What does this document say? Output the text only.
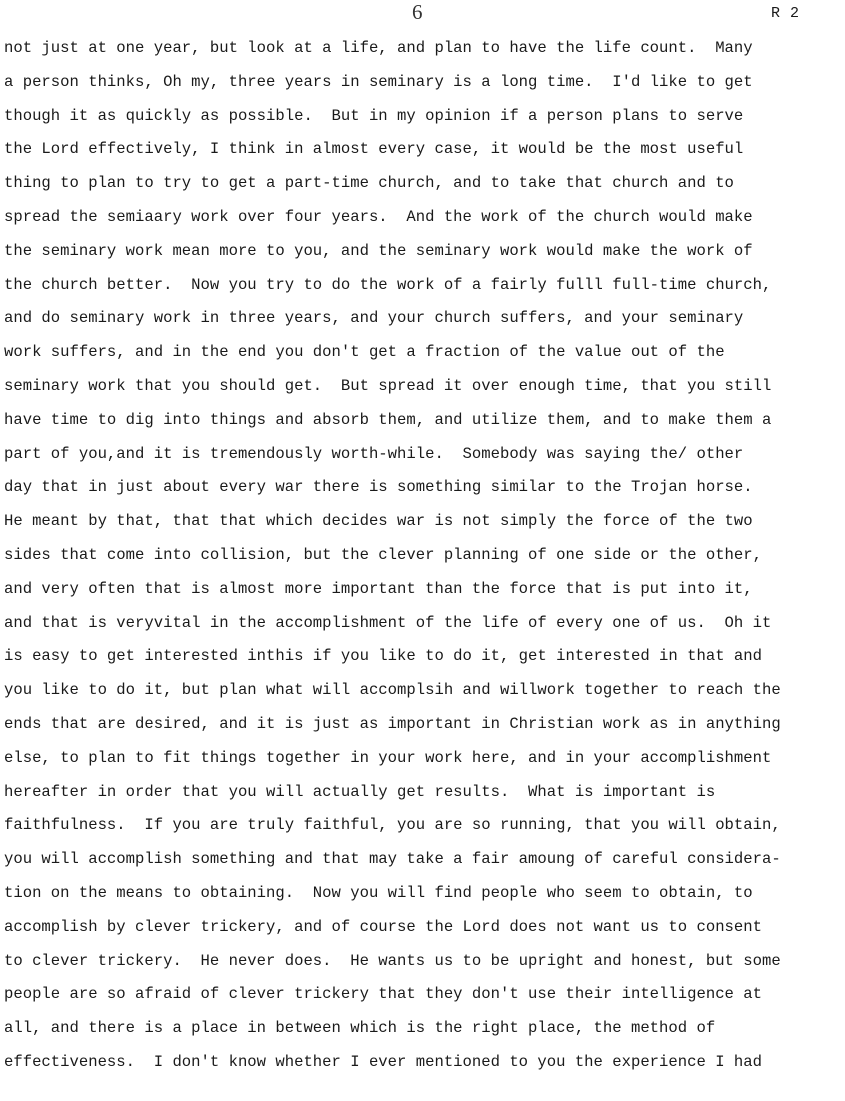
6	R 2
not just at one year, but look at a life, and plan to have the life count.  Many
a person thinks, Oh my, three years in seminary is a long time.  I'd like to get
though it as quickly as possible.  But in my opinion if a person plans to serve
the Lord effectively, I think in almost every case, it would be the most useful
thing to plan to try to get a part-time church, and to take that church and to
spread the semiaary work over four years.  And the work of the church would make
the seminary work mean more to you, and the seminary work would make the work of
the church better.  Now you try to do the work of a fairly fulll full-time church,
and do seminary work in three years, and your church suffers, and your seminary
work suffers, and in the end you don't get a fraction of the value out of the
seminary work that you should get.  But spread it over enough time, that you still
have time to dig into things and absorb them, and utilize them, and to make them a
part of you,and it is tremendously worth-while.  Somebody was saying the/ other
day that in just about every war there is something similar to the Trojan horse.
He meant by that, that that which decides war is not simply the force of the two
sides that come into collision, but the clever planning of one side or the other,
and very often that is almost more important than the force that is put into it,
and that is veryvital in the accomplishment of the life of every one of us.  Oh it
is easy to get interested inthis if you like to do it, get interested in that and
you like to do it, but plan what will accomplsih and willwork together to reach the
ends that are desired, and it is just as important in Christian work as in anything
else, to plan to fit things together in your work here, and in your accomplishment
hereafter in order that you will actually get results.  What is important is
faithfulness.  If you are truly faithful, you are so running, that you will obtain,
you will accomplish something and that may take a fair amoung of careful considera-
tion on the means to obtaining.  Now you will find people who seem to obtain, to
accomplish by clever trickery, and of course the Lord does not want us to consent
to clever trickery.  He never does.  He wants us to be upright and honest, but some
people are so afraid of clever trickery that they don't use their intelligence at
all, and there is a place in between which is the right place, the method of
effectiveness.  I don't know whether I ever mentioned to you the experience I had
